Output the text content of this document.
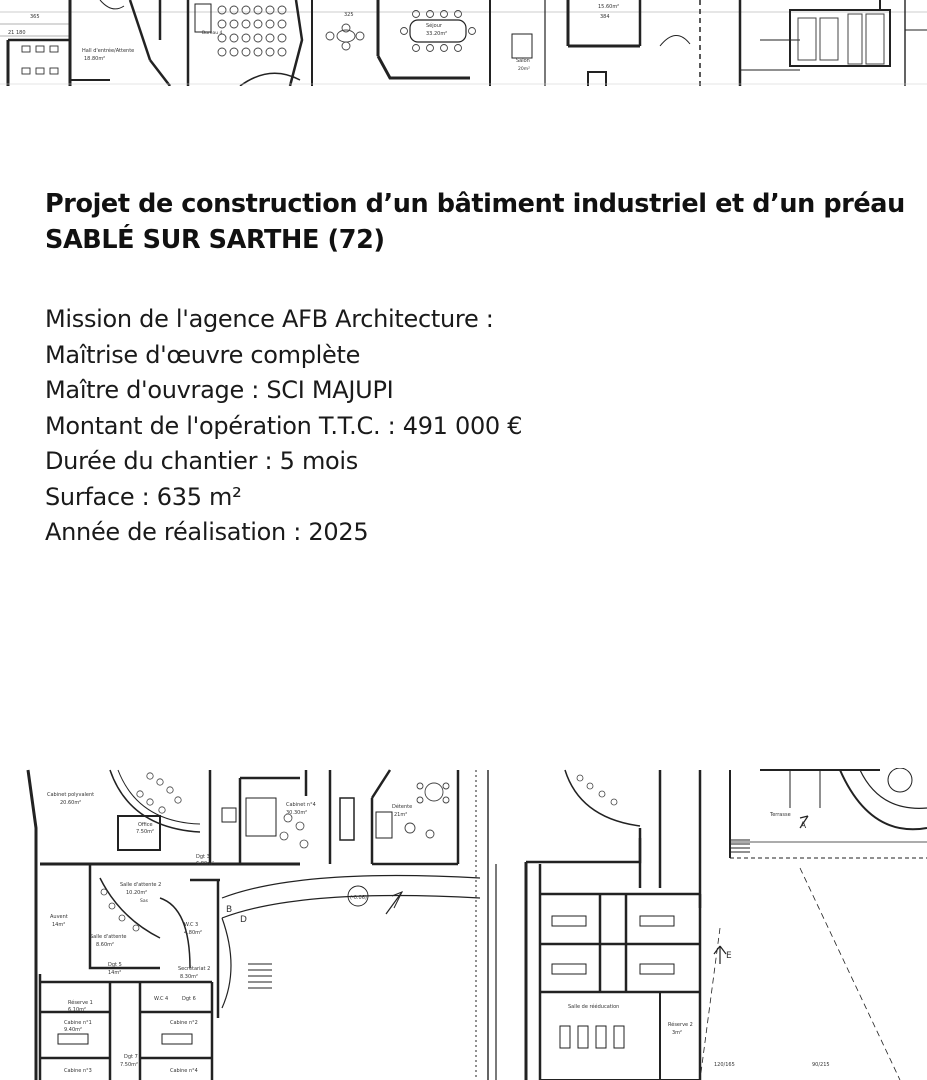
Hall d'entrée/Attente
18.80m²
Bureau 4
Séjour
33.20m²
Salon
20m²
15.60m²
325	384
365
21 180
Projet de construction d’un bâtiment industriel et d’un préau
SABLÉ SUR SARTHE (72)
Mission de l'agence AFB Architecture :
Maîtrise d'œuvre complète
Maître d'ouvrage : SCI MAJUPI
Montant de l'opération T.T.C. : 491 000 €
Durée du chantier : 5 mois
Surface : 635 m²
Année de réalisation : 2025
Cabinet polyvalent
20.60m²
Office
7.50m²
Cabinet n°4
30.30m²
Détente
21m²
Dgt 3
6.80m²
Salle d'attente 2
10.20m²
Sas
Salle d'attente
8.60m²
Auvent
14m²
Dgt 5
14m²
W.C 3
4.80m²
Secrétariat 2
8.30m²
Réserve 1
6.10m²
W.C 4	Dgt 6
Dgt 7
Cabine n°1
9.40m²
Cabine n°2
Cabine n°3	Cabine n°4
7.50m²
(-0.06)
Terrasse
Salle de rééducation
Réserve 2
3m²
B
D
A
E
120/165	90/215
